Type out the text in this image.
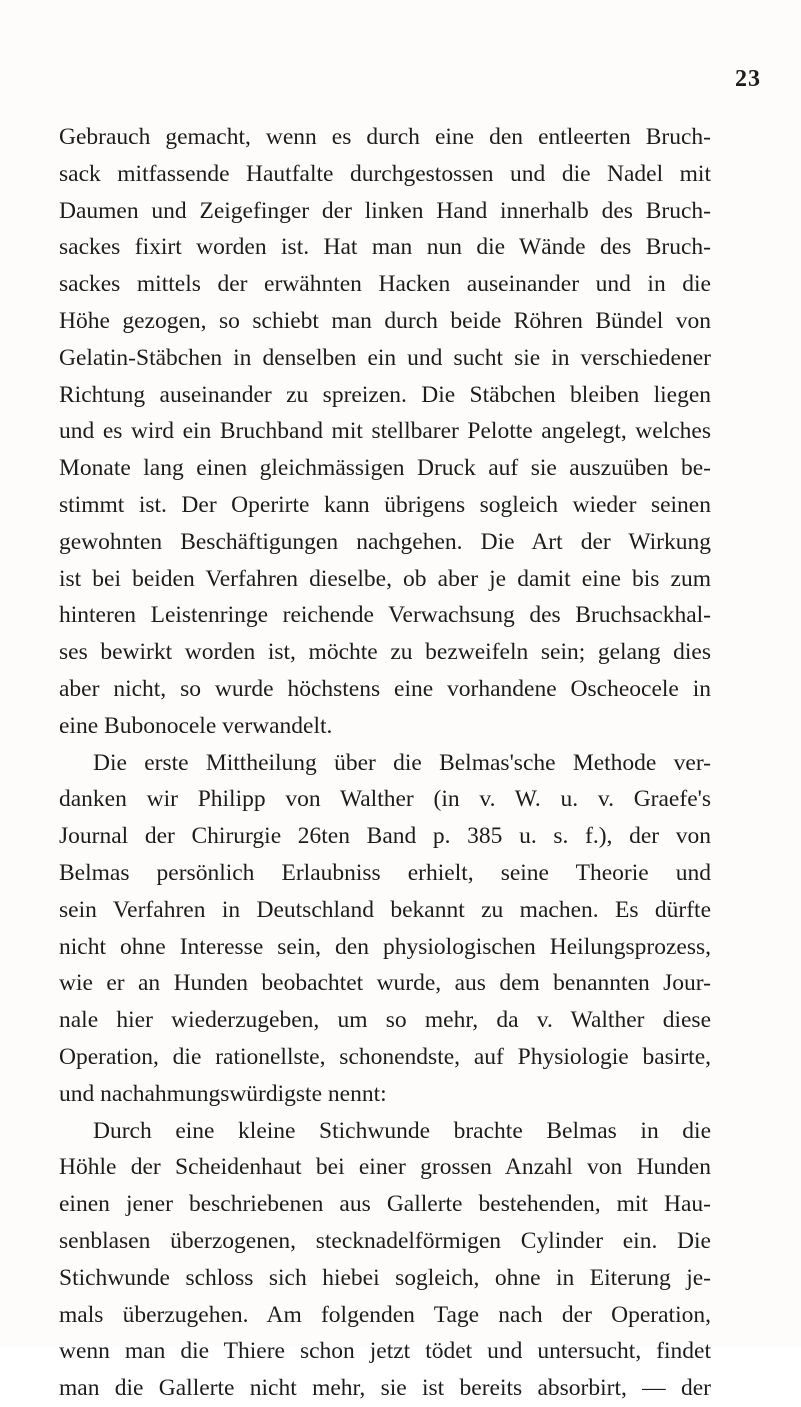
23
Gebrauch gemacht, wenn es durch eine den entleerten Bruch-
sack mitfassende Hautfalte durchgestossen und die Nadel mit
Daumen und Zeigefinger der linken Hand innerhalb des Bruch-
sackes fixirt worden ist. Hat man nun die Wände des Bruch-
sackes mittels der erwähnten Hacken auseinander und in die
Höhe gezogen, so schiebt man durch beide Röhren Bündel von
Gelatin-Stäbchen in denselben ein und sucht sie in verschiedener
Richtung auseinander zu spreizen. Die Stäbchen bleiben liegen
und es wird ein Bruchband mit stellbarer Pelotte angelegt, welches
Monate lang einen gleichmässigen Druck auf sie auszuüben be-
stimmt ist. Der Operirte kann übrigens sogleich wieder seinen
gewohnten Beschäftigungen nachgehen. Die Art der Wirkung
ist bei beiden Verfahren dieselbe, ob aber je damit eine bis zum
hinteren Leistenringe reichende Verwachsung des Bruchsackhal-
ses bewirkt worden ist, möchte zu bezweifeln sein; gelang dies
aber nicht, so wurde höchstens eine vorhandene Oscheocele in
eine Bubonocele verwandelt.
Die erste Mittheilung über die Belmas'sche Methode ver-
danken wir Philipp von Walther (in v. W. u. v. Graefe's
Journal der Chirurgie 26ten Band p. 385 u. s. f.), der von
Belmas persönlich Erlaubniss erhielt, seine Theorie und
sein Verfahren in Deutschland bekannt zu machen. Es dürfte
nicht ohne Interesse sein, den physiologischen Heilungsprozess,
wie er an Hunden beobachtet wurde, aus dem benannten Jour-
nale hier wiederzugeben, um so mehr, da v. Walther diese
Operation, die rationellste, schonendste, auf Physiologie basirte,
und nachahmungswürdigste nennt:
Durch eine kleine Stichwunde brachte Belmas in die
Höhle der Scheidenhaut bei einer grossen Anzahl von Hunden
einen jener beschriebenen aus Gallerte bestehenden, mit Hau-
senblasen überzogenen, stecknadelförmigen Cylinder ein. Die
Stichwunde schloss sich hiebei sogleich, ohne in Eiterung je-
mals überzugehen. Am folgenden Tage nach der Operation,
wenn man die Thiere schon jetzt tödet und untersucht, findet
man die Gallerte nicht mehr, sie ist bereits absorbirt, — der
